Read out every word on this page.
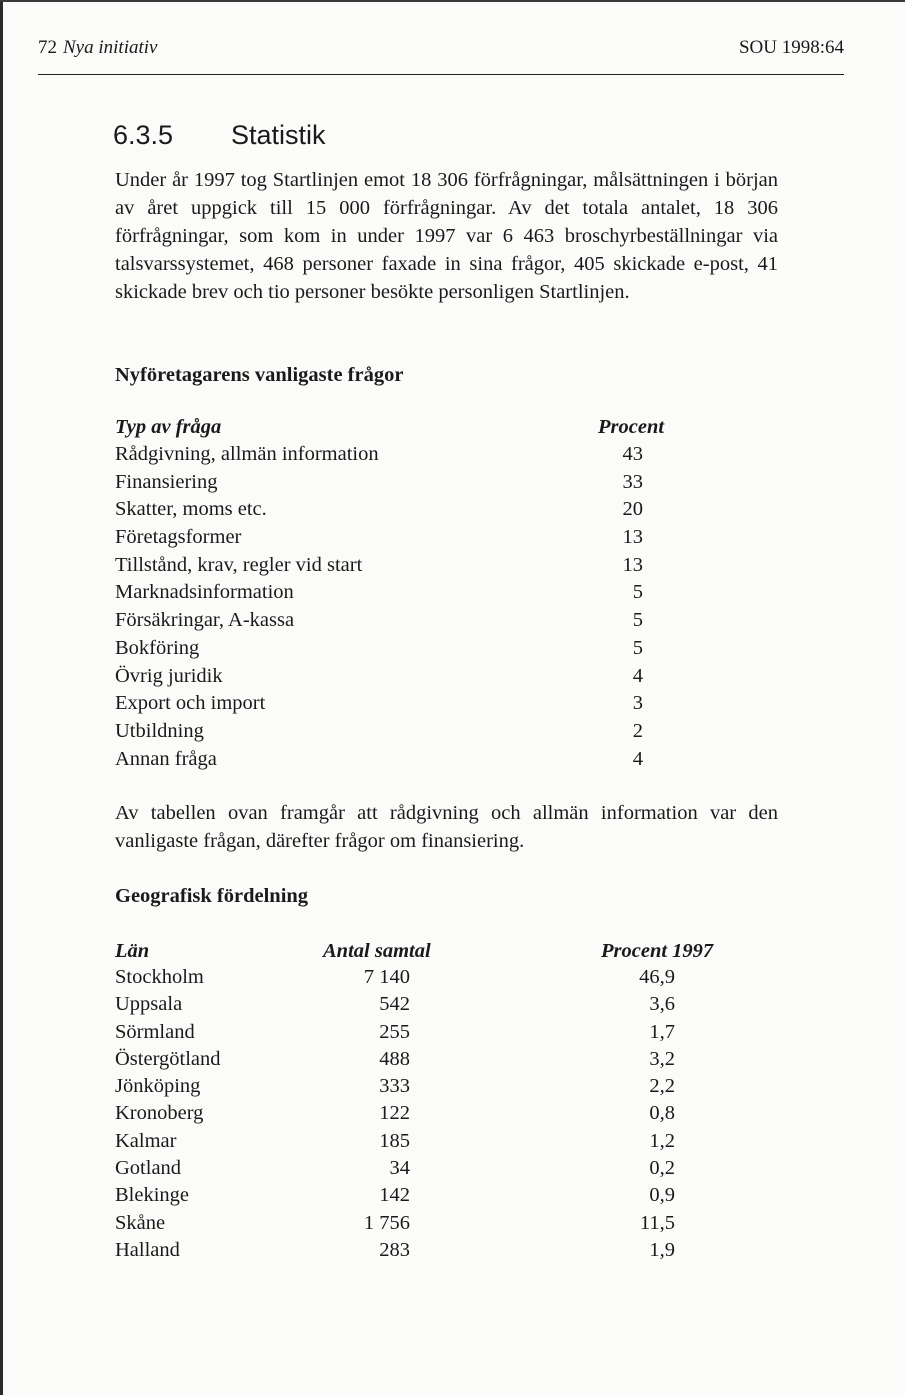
72 Nya initiativ	SOU 1998:64
6.3.5 Statistik
Under år 1997 tog Startlinjen emot 18 306 förfrågningar, målsättningen i början av året uppgick till 15 000 förfrågningar. Av det totala antalet, 18 306 förfrågningar, som kom in under 1997 var 6 463 broschyrbeställningar via talsvarssystemet, 468 personer faxade in sina frågor, 405 skickade e-post, 41 skickade brev och tio personer besökte personligen Startlinjen.
Nyföretagarens vanligaste frågor
Typ av fråga	Procent
Rådgivning, allmän information	43
Finansiering	33
Skatter, moms etc.	20
Företagsformer	13
Tillstånd, krav, regler vid start	13
Marknadsinformation	5
Försäkringar, A-kassa	5
Bokföring	5
Övrig juridik	4
Export och import	3
Utbildning	2
Annan fråga	4
Av tabellen ovan framgår att rådgivning och allmän information var den vanligaste frågan, därefter frågor om finansiering.
Geografisk fördelning
Län	Antal samtal	Procent 1997
Stockholm	7 140	46,9
Uppsala	542	3,6
Sörmland	255	1,7
Östergötland	488	3,2
Jönköping	333	2,2
Kronoberg	122	0,8
Kalmar	185	1,2
Gotland	34	0,2
Blekinge	142	0,9
Skåne	1 756	11,5
Halland	283	1,9
